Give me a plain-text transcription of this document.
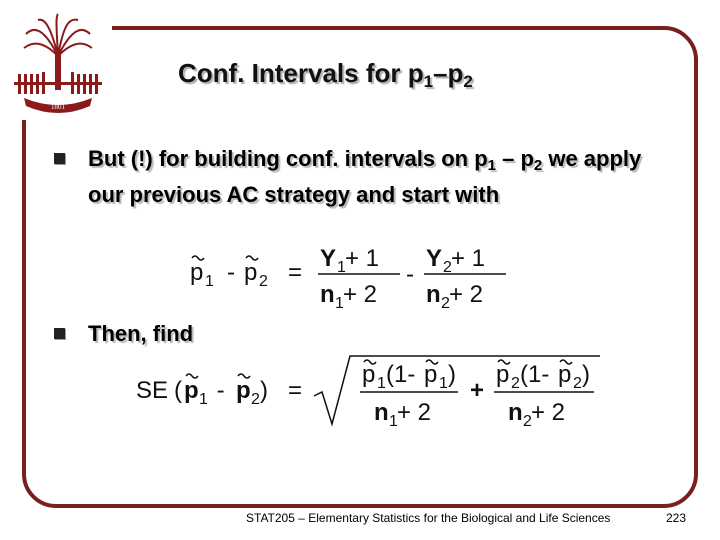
1801
Conf. Intervals for $p_1-p_2$
But (!) for building conf. intervals on $p_1 - p_2$ we apply our previous AC strategy and start with
p 1 - p 2 =
Y 1 + 1
n 1 + 2
-
Y 2 + 1
n 2 + 2
Then, find
SE ( p 1 - p 2 ) =
p 1 (1- p 1 )
n 1 + 2
+
p 2 (1- p 2 )
n 2 + 2
STAT205 – Elementary Statistics for the Biological and Life Sciences	223
